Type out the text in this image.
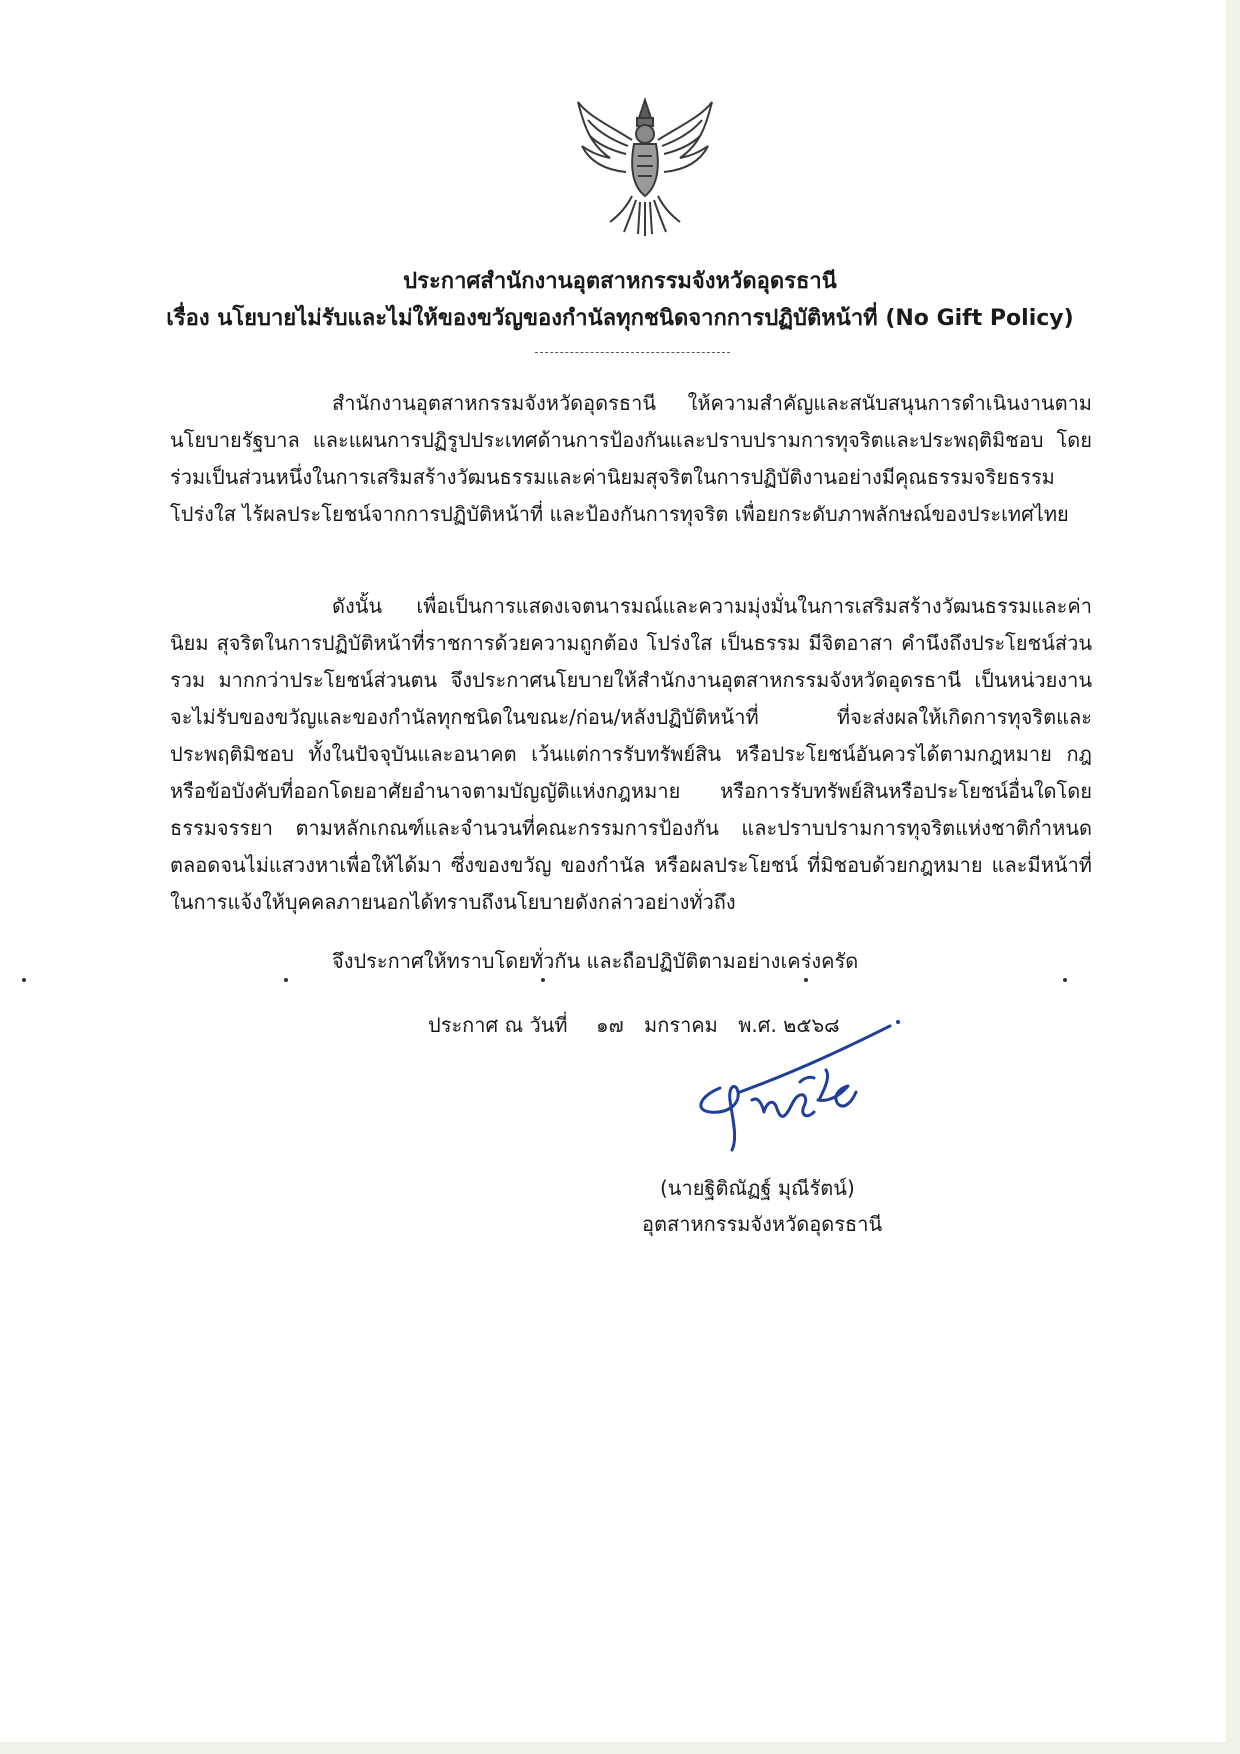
ประกาศสำนักงานอุตสาหกรรมจังหวัดอุดรธานี
เรื่อง นโยบายไม่รับและไม่ให้ของขวัญของกำนัลทุกชนิดจากการปฏิบัติหน้าที่ (No Gift Policy)

สำนักงานอุตสาหกรรมจังหวัดอุดรธานี ให้ความสำคัญและสนับสนุนการดำเนินงานตามนโยบายรัฐบาล และแผนการปฏิรูปประเทศด้านการป้องกันและปราบปรามการทุจริตและประพฤติมิชอบ โดยร่วมเป็นส่วนหนึ่งในการเสริมสร้างวัฒนธรรมและค่านิยมสุจริตในการปฏิบัติงานอย่างมีคุณธรรมจริยธรรม โปร่งใส ไร้ผลประโยชน์จากการปฏิบัติหน้าที่ และป้องกันการทุจริต เพื่อยกระดับภาพลักษณ์ของประเทศไทย

ดังนั้น เพื่อเป็นการแสดงเจตนารมณ์และความมุ่งมั่นในการเสริมสร้างวัฒนธรรมและค่านิยม สุจริตในการปฏิบัติหน้าที่ราชการด้วยความถูกต้อง โปร่งใส เป็นธรรม มีจิตอาสา คำนึงถึงประโยชน์ส่วนรวม มากกว่าประโยชน์ส่วนตน จึงประกาศนโยบายให้สำนักงานอุตสาหกรรมจังหวัดอุดรธานี เป็นหน่วยงานจะไม่รับของขวัญและของกำนัลทุกชนิดในขณะ/ก่อน/หลังปฏิบัติหน้าที่ ที่จะส่งผลให้เกิดการทุจริตและประพฤติมิชอบ ทั้งในปัจจุบันและอนาคต เว้นแต่การรับทรัพย์สิน หรือประโยชน์อันควรได้ตามกฎหมาย กฎ หรือข้อบังคับที่ออกโดยอาศัยอำนาจตามบัญญัติแห่งกฎหมาย หรือการรับทรัพย์สินหรือประโยชน์อื่นใดโดยธรรมจรรยา ตามหลักเกณฑ์และจำนวนที่คณะกรรมการป้องกัน และปราบปรามการทุจริตแห่งชาติกำหนด ตลอดจนไม่แสวงหาเพื่อให้ได้มา ซึ่งของขวัญ ของกำนัล หรือผลประโยชน์ ที่มิชอบด้วยกฎหมาย และมีหน้าที่ในการแจ้งให้บุคคลภายนอกได้ทราบถึงนโยบายดังกล่าวอย่างทั่วถึง

จึงประกาศให้ทราบโดยทั่วกัน และถือปฏิบัติตามอย่างเคร่งครัด

ประกาศ ณ วันที่ ๑๗ มกราคม พ.ศ. ๒๕๖๘
(นายฐิติณัฏฐ์ มุณีรัตน์)
อุตสาหกรรมจังหวัดอุดรธานี
